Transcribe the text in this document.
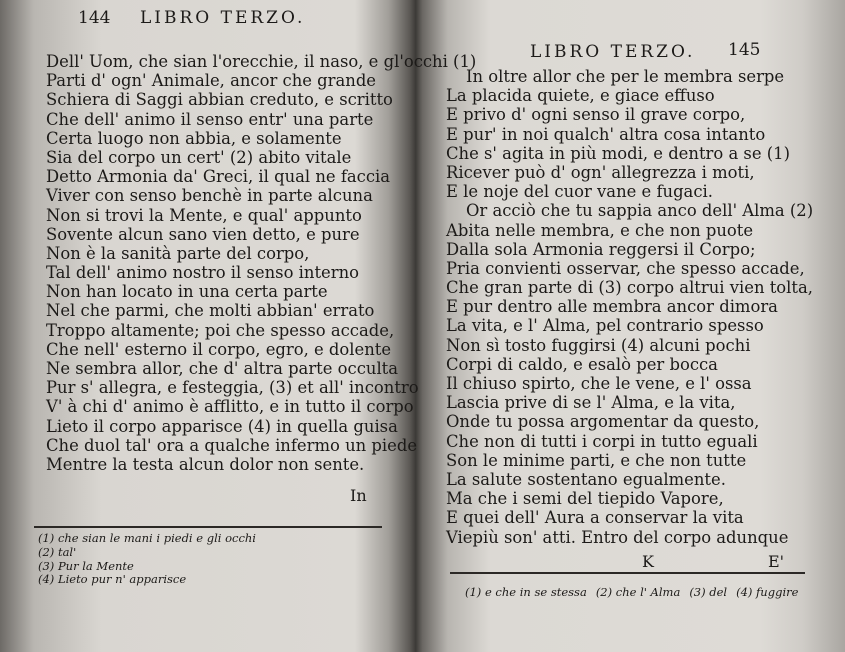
144 LIBRO TERZO.
Dell' Uom, che sian l'orecchie, il naso, e gl'occhi (1)
Parti d' ogn' Animale, ancor che grande
Schiera di Saggi abbian creduto, e scritto
Che dell' animo il senso entr' una parte
Certa luogo non abbia, e solamente
Sia del corpo un cert' (2) abito vitale
Detto Armonia da' Greci, il qual ne faccia
Viver con senso benchè in parte alcuna
Non si trovi la Mente, e qual' appunto
Sovente alcun sano vien detto, e pure
Non è la sanità parte del corpo,
Tal dell' animo nostro il senso interno
Non han locato in una certa parte
Nel che parmi, che molti abbian' errato
Troppo altamente; poi che spesso accade,
Che nell' esterno il corpo, egro, e dolente
Ne sembra allor, che d' altra parte occulta
Pur s' allegra, e festeggia, (3) et all' incontro
V' à chi d' animo è afflitto, e in tutto il corpo
Lieto il corpo apparisce (4) in quella guisa
Che duol tal' ora a qualche infermo un piede
Mentre la testa alcun dolor non sente.
In
(1) che sian le mani i piedi e gli occhi
(2) tal'
(3) Pur la Mente
(4) Lieto pur n' apparisce
LIBRO TERZO. 145
In oltre allor che per le membra serpe
La placida quiete, e giace effuso
E privo d' ogni senso il grave corpo,
E pur' in noi qualch' altra cosa intanto
Che s' agita in più modi, e dentro a se (1)
Ricever può d' ogn' allegrezza i moti,
E le noje del cuor vane e fugaci.
Or acciò che tu sappia anco dell' Alma (2)
Abita nelle membra, e che non puote
Dalla sola Armonia reggersi il Corpo;
Pria convienti osservar, che spesso accade,
Che gran parte di (3) corpo altrui vien tolta,
E pur dentro alle membra ancor dimora
La vita, e l' Alma, pel contrario spesso
Non sì tosto fuggirsi (4) alcuni pochi
Corpi di caldo, e esalò per bocca
Il chiuso spirto, che le vene, e l' ossa
Lascia prive di se l' Alma, e la vita,
Onde tu possa argomentar da questo,
Che non di tutti i corpi in tutto eguali
Son le minime parti, e che non tutte
La salute sostentano egualmente.
Ma che i semi del tiepido Vapore,
E quei dell' Aura a conservar la vita
Viepiù son' atti. Entro del corpo adunque
K	E'
(1) e che in se stessa (2) che l' Alma (3) del (4) fuggire
